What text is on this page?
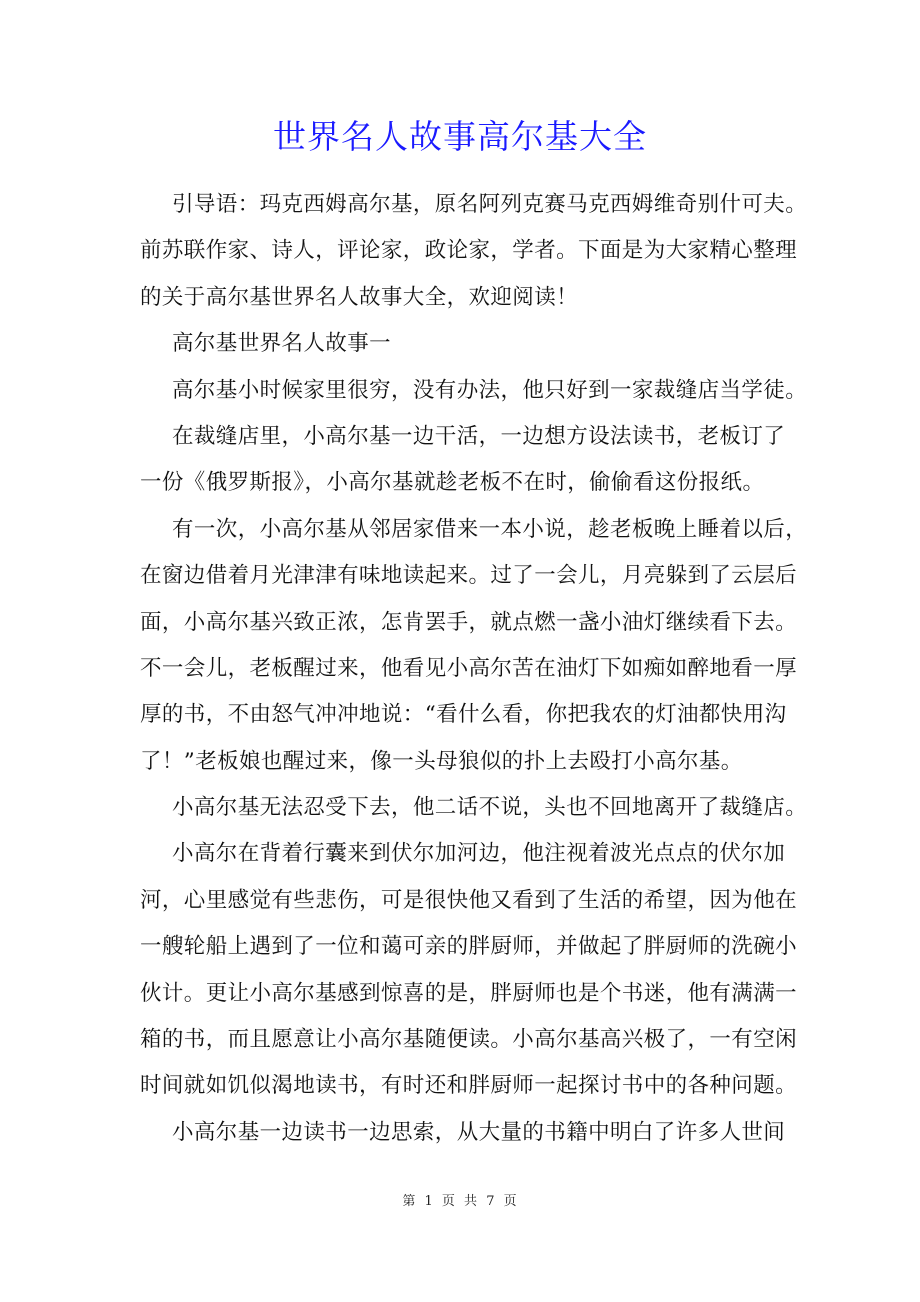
世界名人故事高尔基大全
引导语：玛克西姆高尔基，原名阿列克赛马克西姆维奇别什可夫。
前苏联作家、诗人，评论家，政论家，学者。下面是为大家精心整理
的关于高尔基世界名人故事大全，欢迎阅读！
高尔基世界名人故事一
高尔基小时候家里很穷，没有办法，他只好到一家裁缝店当学徒。
在裁缝店里，小高尔基一边干活，一边想方设法读书，老板订了
一份《俄罗斯报》，小高尔基就趁老板不在时，偷偷看这份报纸。
有一次，小高尔基从邻居家借来一本小说，趁老板晚上睡着以后，
在窗边借着月光津津有味地读起来。过了一会儿，月亮躲到了云层后
面，小高尔基兴致正浓，怎肯罢手，就点燃一盏小油灯继续看下去。
不一会儿，老板醒过来，他看见小高尔苦在油灯下如痴如醉地看一厚
厚的书，不由怒气冲冲地说：“看什么看，你把我农的灯油都快用沟
了！”老板娘也醒过来，像一头母狼似的扑上去殴打小高尔基。
小高尔基无法忍受下去，他二话不说，头也不回地离开了裁缝店。
小高尔在背着行囊来到伏尔加河边，他注视着波光点点的伏尔加
河，心里感觉有些悲伤，可是很快他又看到了生活的希望，因为他在
一艘轮船上遇到了一位和蔼可亲的胖厨师，并做起了胖厨师的洗碗小
伙计。更让小高尔基感到惊喜的是，胖厨师也是个书迷，他有满满一
箱的书，而且愿意让小高尔基随便读。小高尔基高兴极了，一有空闲
时间就如饥似渴地读书，有时还和胖厨师一起探讨书中的各种问题。
小高尔基一边读书一边思索，从大量的书籍中明白了许多人世间
第 1 页 共 7 页
